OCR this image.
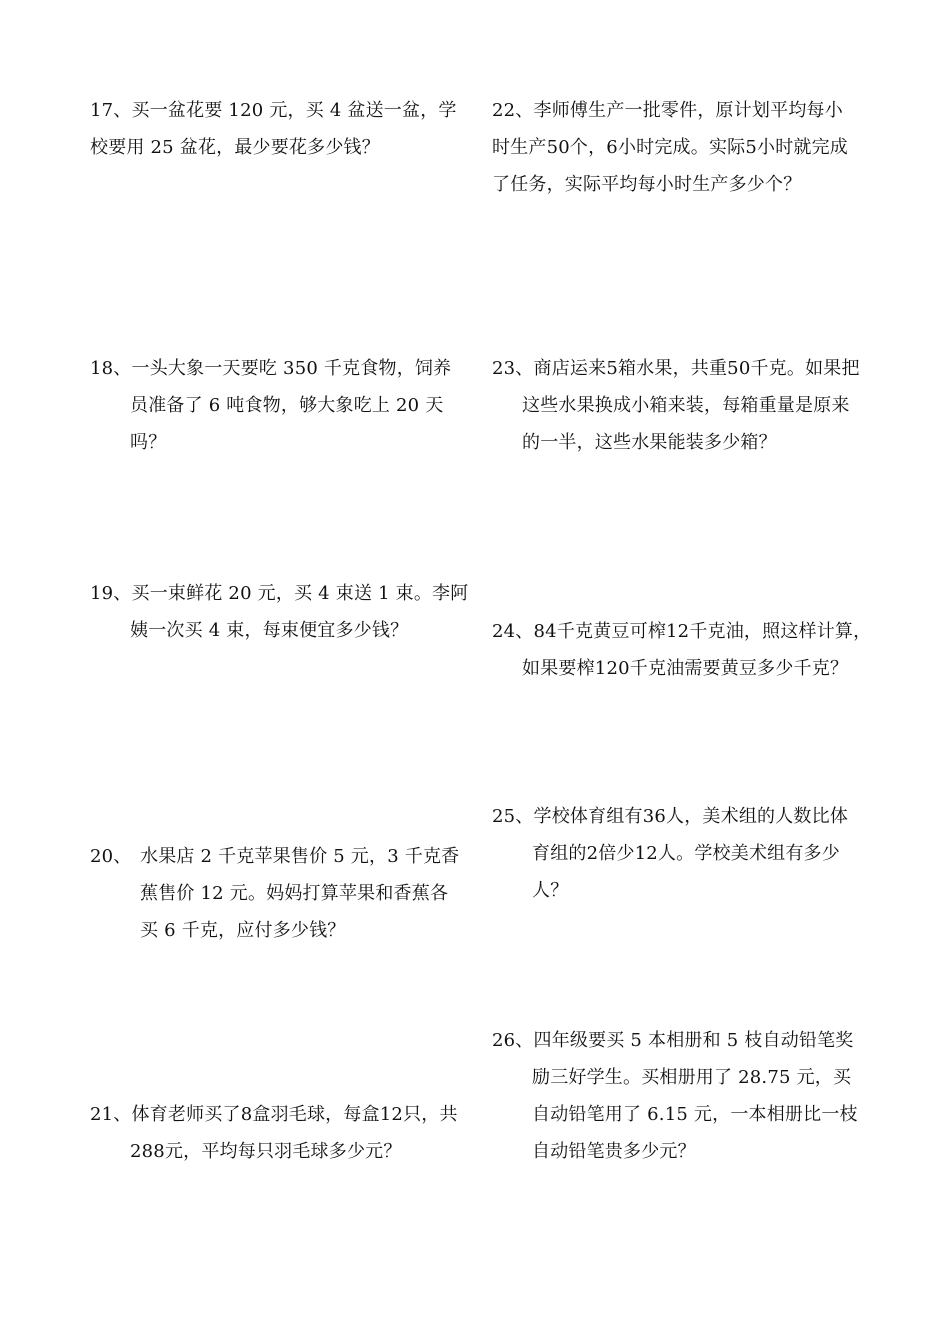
17、买一盆花要 120 元，买 4 盆送一盆，学
校要用 25 盆花，最少要花多少钱？
18、一头大象一天要吃 350 千克食物，饲养
员准备了 6 吨食物，够大象吃上 20 天
吗？
19、买一束鲜花 20 元，买 4 束送 1 束。李阿
姨一次买 4 束，每束便宜多少钱？
20、 水果店 2 千克苹果售价 5 元，3 千克香
蕉售价 12 元。妈妈打算苹果和香蕉各
买 6 千克，应付多少钱？
21、体育老师买了8盒羽毛球，每盒12只，共
288元，平均每只羽毛球多少元？
22、李师傅生产一批零件，原计划平均每小
时生产50个，6小时完成。实际5小时就完成
了任务，实际平均每小时生产多少个？
23、商店运来5箱水果，共重50千克。如果把
这些水果换成小箱来装，每箱重量是原来
的一半，这些水果能装多少箱？
24、84千克黄豆可榨12千克油，照这样计算，
如果要榨120千克油需要黄豆多少千克？
25、学校体育组有36人，美术组的人数比体
育组的2倍少12人。学校美术组有多少
人？
26、四年级要买 5 本相册和 5 枝自动铅笔奖
励三好学生。买相册用了 28.75 元，买
自动铅笔用了 6.15 元，一本相册比一枝
自动铅笔贵多少元？
